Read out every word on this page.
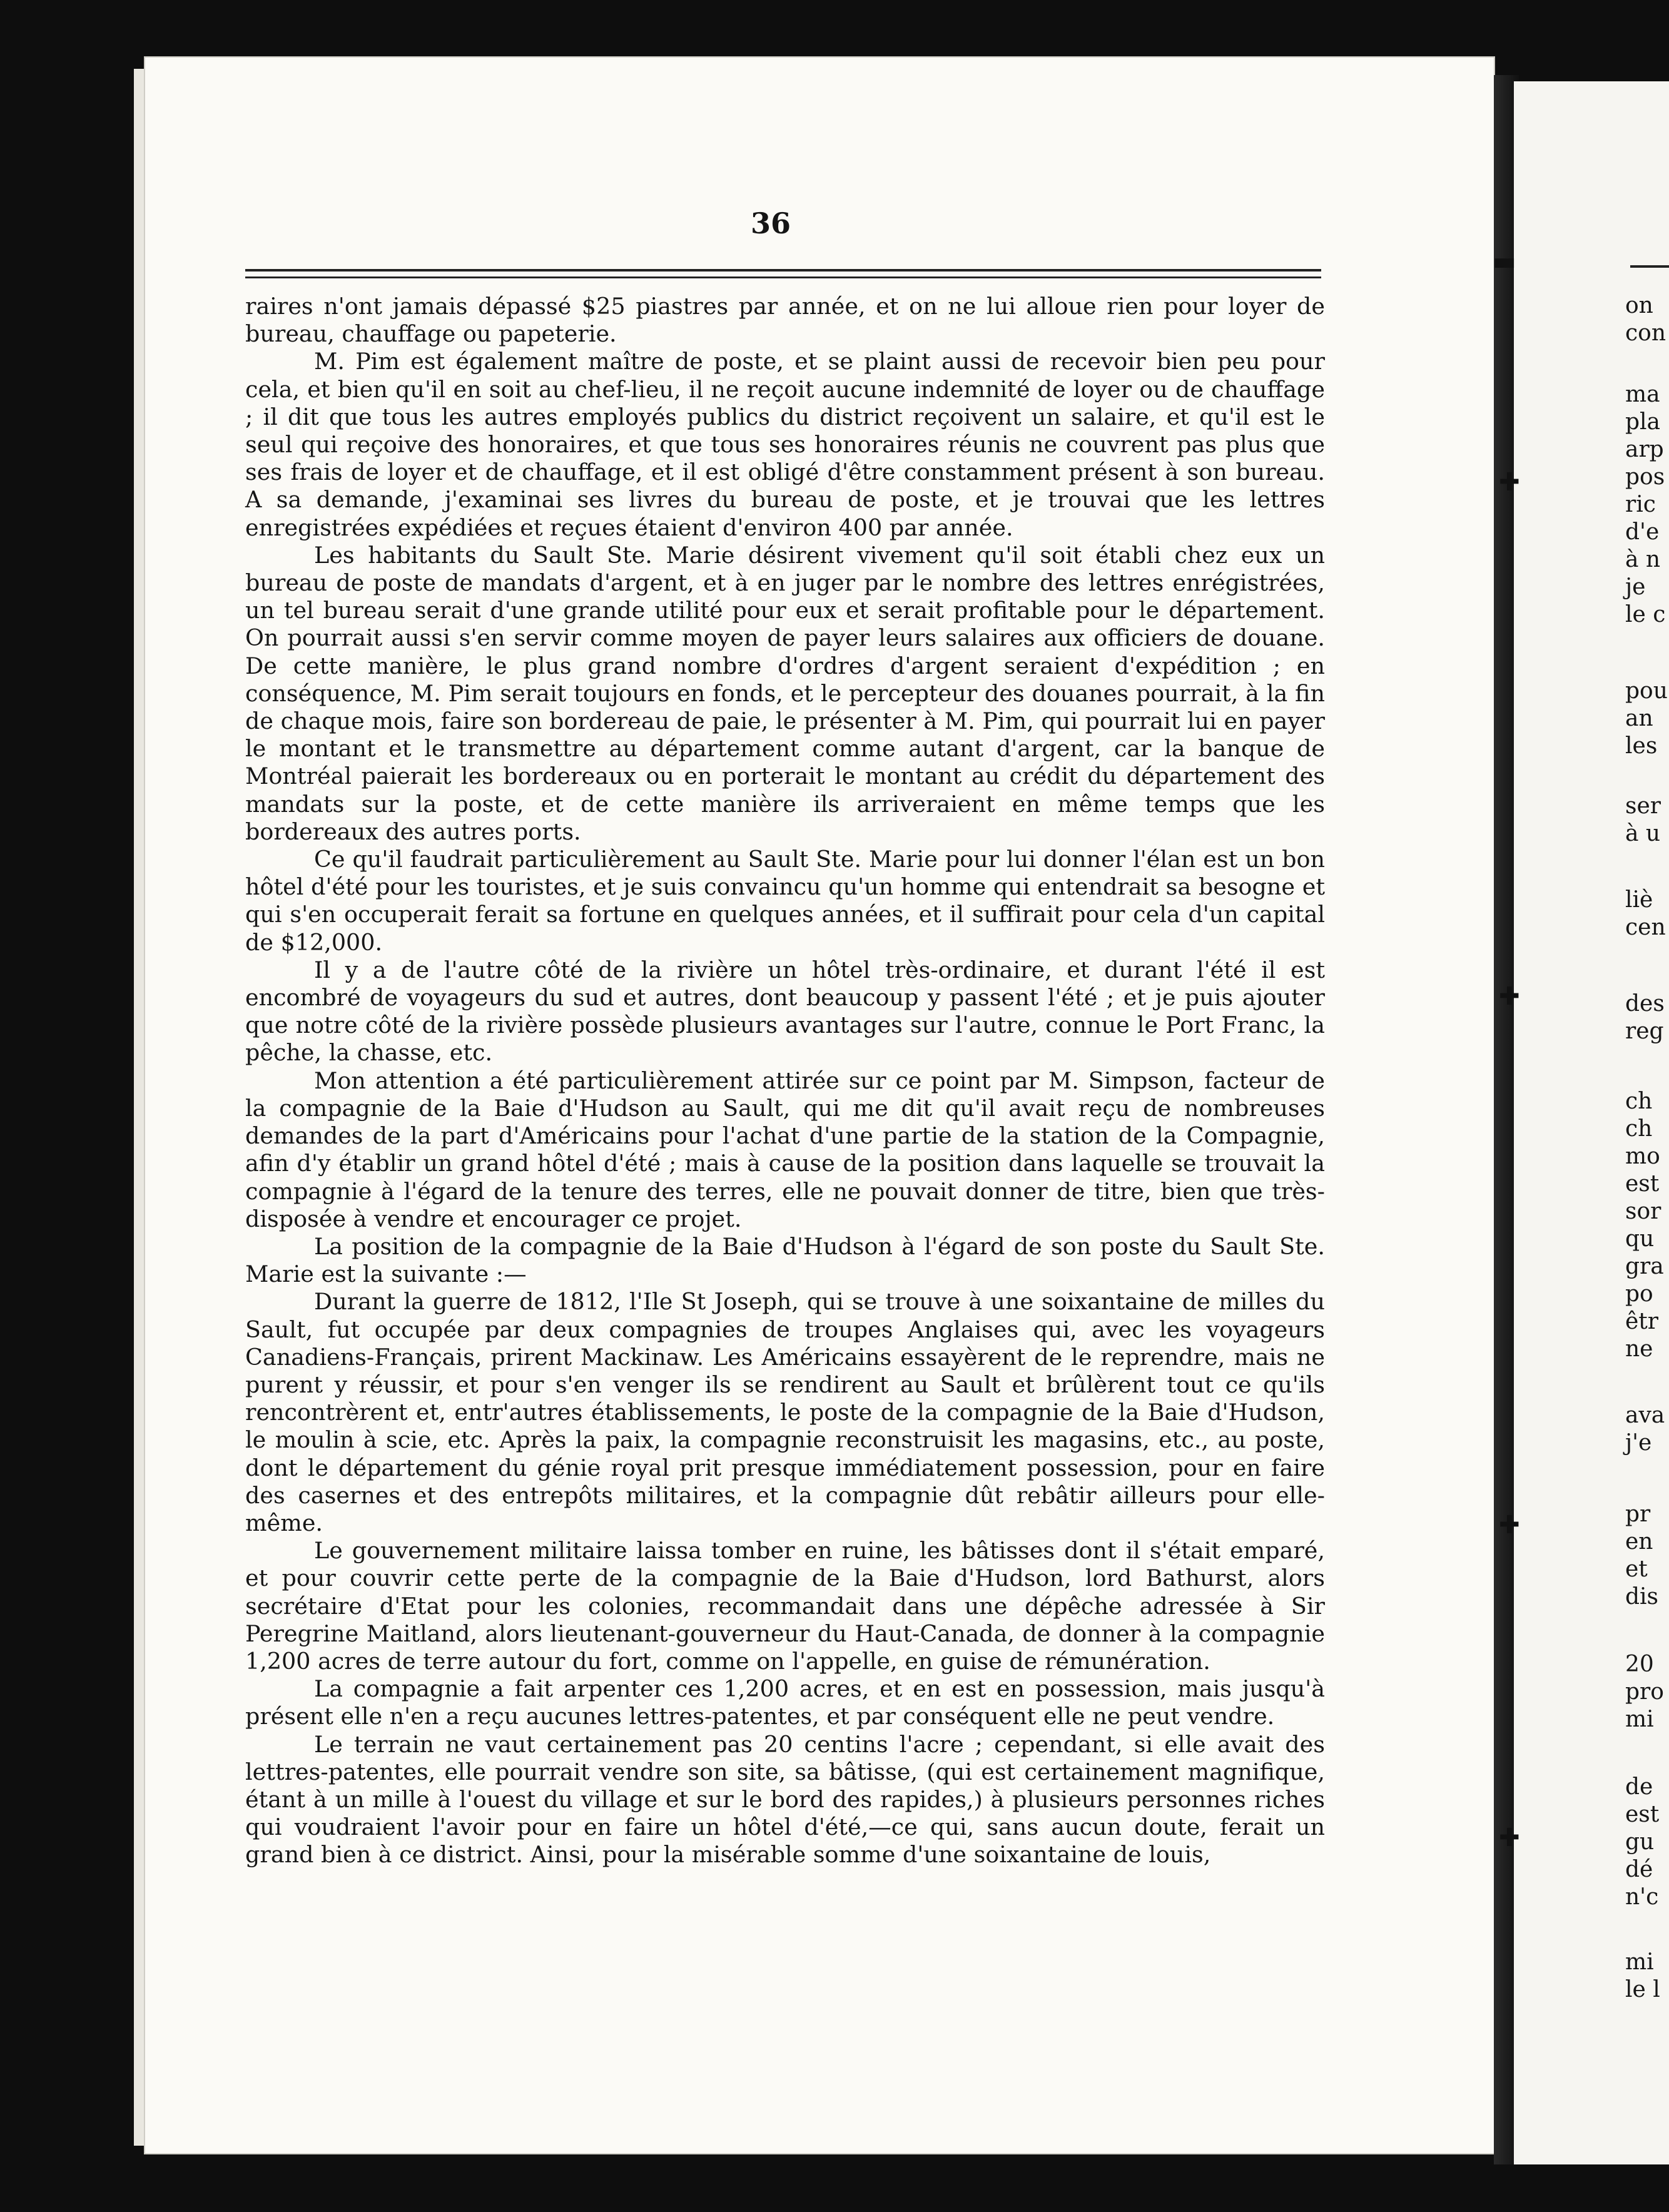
36

raires n'ont jamais dépassé $25 piastres par année, et on ne lui alloue rien pour loyer de bureau, chauffage ou papeterie.

M. Pim est également maître de poste, et se plaint aussi de recevoir bien peu pour cela, et bien qu'il en soit au chef-lieu, il ne reçoit aucune indemnité de loyer ou de chauffage ; il dit que tous les autres employés publics du district reçoivent un salaire, et qu'il est le seul qui reçoive des honoraires, et que tous ses honoraires réunis ne couvrent pas plus que ses frais de loyer et de chauffage, et il est obligé d'être constamment présent à son bureau. A sa demande, j'examinai ses livres du bureau de poste, et je trouvai que les lettres enregistrées expédiées et reçues étaient d'environ 400 par année.

Les habitants du Sault Ste. Marie désirent vivement qu'il soit établi chez eux un bureau de poste de mandats d'argent, et à en juger par le nombre des lettres enrégistrées, un tel bureau serait d'une grande utilité pour eux et serait profitable pour le département. On pourrait aussi s'en servir comme moyen de payer leurs salaires aux officiers de douane. De cette manière, le plus grand nombre d'ordres d'argent seraient d'expédition ; en conséquence, M. Pim serait toujours en fonds, et le percepteur des douanes pourrait, à la fin de chaque mois, faire son bordereau de paie, le présenter à M. Pim, qui pourrait lui en payer le montant et le transmettre au département comme autant d'argent, car la banque de Montréal paierait les bordereaux ou en porterait le montant au crédit du département des mandats sur la poste, et de cette manière ils arriveraient en même temps que les bordereaux des autres ports.

Ce qu'il faudrait particulièrement au Sault Ste. Marie pour lui donner l'élan est un bon hôtel d'été pour les touristes, et je suis convaincu qu'un homme qui entendrait sa besogne et qui s'en occuperait ferait sa fortune en quelques années, et il suffirait pour cela d'un capital de $12,000.

Il y a de l'autre côté de la rivière un hôtel très-ordinaire, et durant l'été il est encombré de voyageurs du sud et autres, dont beaucoup y passent l'été ; et je puis ajouter que notre côté de la rivière possède plusieurs avantages sur l'autre, connue le Port Franc, la pêche, la chasse, etc.

Mon attention a été particulièrement attirée sur ce point par M. Simpson, facteur de la compagnie de la Baie d'Hudson au Sault, qui me dit qu'il avait reçu de nombreuses demandes de la part d'Américains pour l'achat d'une partie de la station de la Compagnie, afin d'y établir un grand hôtel d'été ; mais à cause de la position dans laquelle se trouvait la compagnie à l'égard de la tenure des terres, elle ne pouvait donner de titre, bien que très-disposée à vendre et encourager ce projet.

La position de la compagnie de la Baie d'Hudson à l'égard de son poste du Sault Ste. Marie est la suivante :—

Durant la guerre de 1812, l'Ile St Joseph, qui se trouve à une soixantaine de milles du Sault, fut occupée par deux compagnies de troupes Anglaises qui, avec les voyageurs Canadiens-Français, prirent Mackinaw. Les Américains essayèrent de le reprendre, mais ne purent y réussir, et pour s'en venger ils se rendirent au Sault et brûlèrent tout ce qu'ils rencontrèrent et, entr'autres établissements, le poste de la compagnie de la Baie d'Hudson, le moulin à scie, etc. Après la paix, la compagnie reconstruisit les magasins, etc., au poste, dont le département du génie royal prit presque immédiatement possession, pour en faire des casernes et des entrepôts militaires, et la compagnie dût rebâtir ailleurs pour elle-même.

Le gouvernement militaire laissa tomber en ruine, les bâtisses dont il s'était emparé, et pour couvrir cette perte de la compagnie de la Baie d'Hudson, lord Bathurst, alors secrétaire d'Etat pour les colonies, recommandait dans une dépêche adressée à Sir Peregrine Maitland, alors lieutenant-gouverneur du Haut-Canada, de donner à la compagnie 1,200 acres de terre autour du fort, comme on l'appelle, en guise de rémunération.

La compagnie a fait arpenter ces 1,200 acres, et en est en possession, mais jusqu'à présent elle n'en a reçu aucunes lettres-patentes, et par conséquent elle ne peut vendre.

Le terrain ne vaut certainement pas 20 centins l'acre ; cependant, si elle avait des lettres-patentes, elle pourrait vendre son site, sa bâtisse, (qui est certainement magnifique, étant à un mille à l'ouest du village et sur le bord des rapides,) à plusieurs personnes riches qui voudraient l'avoir pour en faire un hôtel d'été,—ce qui, sans aucun doute, ferait un grand bien à ce district. Ainsi, pour la misérable somme d'une soixantaine de louis,

▬
✚
✚
✚
✚
on
con
ma
pla
arp
pos
ric
d'e
à n
je
le c
pou
an
les
ser
à u
liè
cen
des
reg
ch
ch
mo
est
sor
qu
gra
po
êtr
ne
ava
j'e
pr
en
et
dis
20
pro
mi
de
est
gu
dé
n'c
mi
le l
